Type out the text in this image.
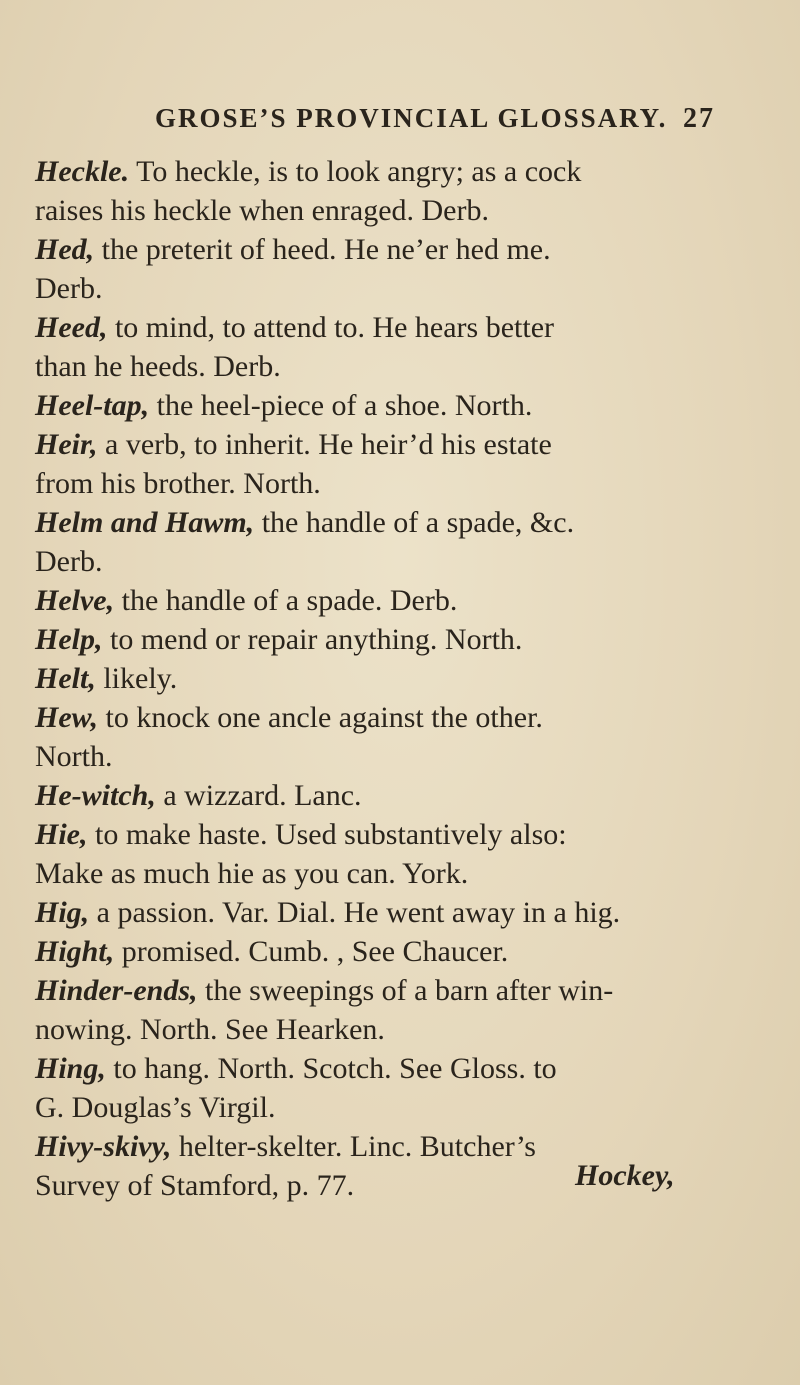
GROSE’S PROVINCIAL GLOSSARY. 27
Heckle. To heckle, is to look angry; as a cock
raises his heckle when enraged. Derb.
Hed, the preterit of heed. He ne’er hed me.
Derb.
Heed, to mind, to attend to. He hears better
than he heeds. Derb.
Heel-tap, the heel-piece of a shoe. North.
Heir, a verb, to inherit. He heir’d his estate
from his brother. North.
Helm and Hawm, the handle of a spade, &c.
Derb.
Helve, the handle of a spade. Derb.
Help, to mend or repair anything. North.
Helt, likely.
Hew, to knock one ancle against the other.
North.
He-witch, a wizzard. Lanc.
Hie, to make haste. Used substantively also:
Make as much hie as you can. York.
Hig, a passion. Var. Dial. He went away in a hig.
Hight, promised. Cumb. , See Chaucer.
Hinder-ends, the sweepings of a barn after win-
nowing. North. See Hearken.
Hing, to hang. North. Scotch. See Gloss. to
G. Douglas’s Virgil.
Hivy-skivy, helter-skelter. Linc. Butcher’s
Survey of Stamford, p. 77.	Hockey,
